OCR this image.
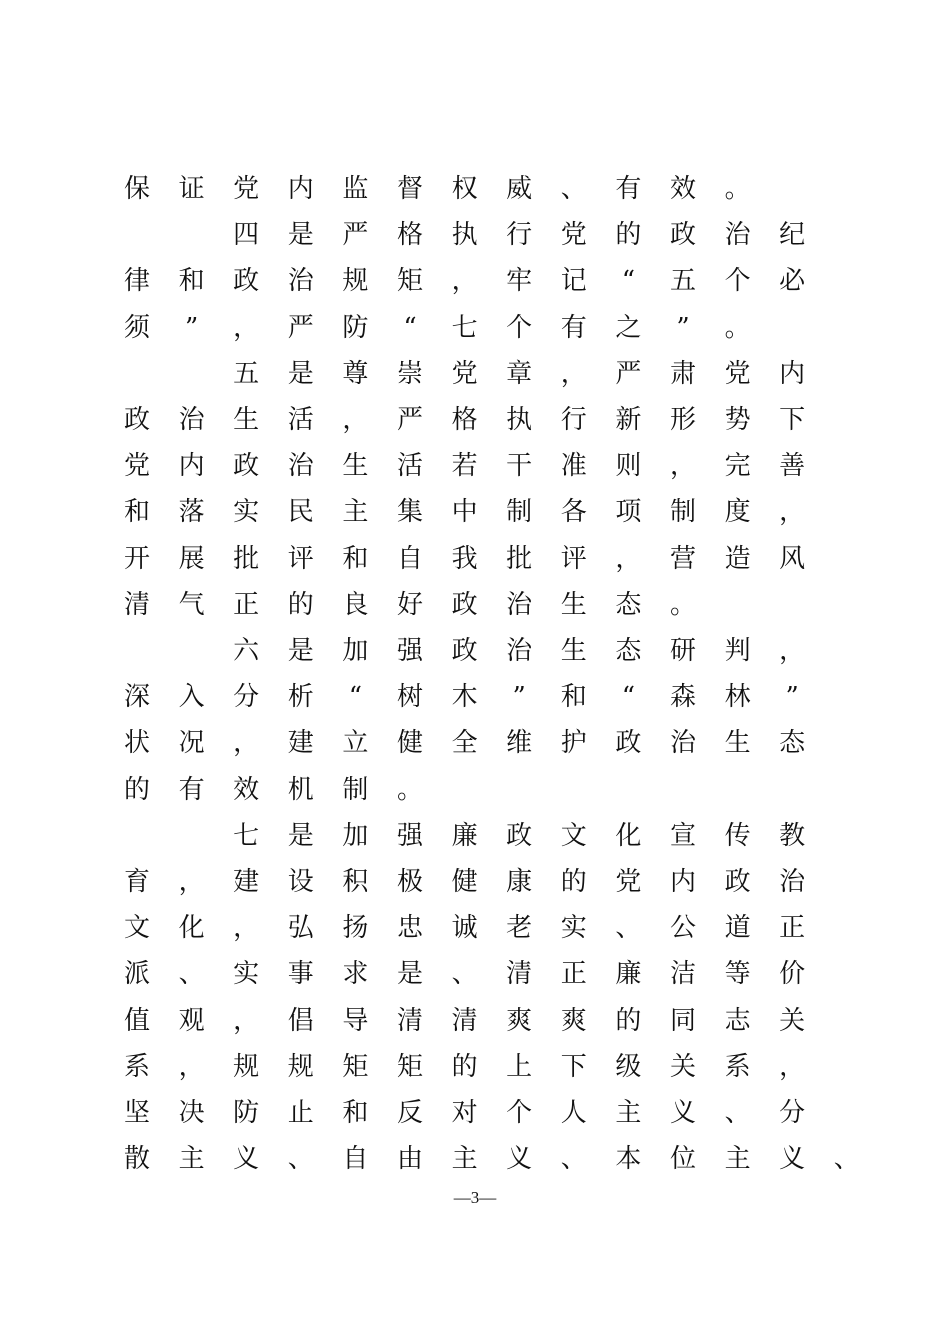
保 证 党 内 监 督 权 威 、 有 效 。
四 是 严 格 执 行 党 的 政 治 纪
律 和 政 治 规 矩 ， 牢 记	“	五 个 必
须	”	， 严 防	“	七 个 有 之	”	。
五 是 尊 崇 党 章 ， 严 肃 党 内
政 治 生 活 ， 严 格 执 行 新 形 势 下
党 内 政 治 生 活 若 干 准 则 ， 完 善
和 落 实 民 主 集 中 制 各 项 制 度 ，
开 展 批 评 和 自 我 批 评 ， 营 造 风
清 气 正 的 良 好 政 治 生 态 。
六 是 加 强 政 治 生 态 研 判 ，
深 入 分 析	“	树 木	”	和	“	森 林	”
状 况 ， 建 立 健 全 维 护 政 治 生 态
的 有 效 机 制 。
七 是 加 强 廉 政 文 化 宣 传 教
育 ， 建 设 积 极 健 康 的 党 内 政 治
文 化 ， 弘 扬 忠 诚 老 实 、 公 道 正
派 、 实 事 求 是 、 清 正 廉 洁 等 价
值 观 ， 倡 导 清 清 爽 爽 的 同 志 关
系 ， 规 规 矩 矩 的 上 下 级 关 系 ，
坚 决 防 止 和 反 对 个 人 主 义 、 分
散 主 义 、 自 由 主 义 、 本 位 主 义 、
—3—
